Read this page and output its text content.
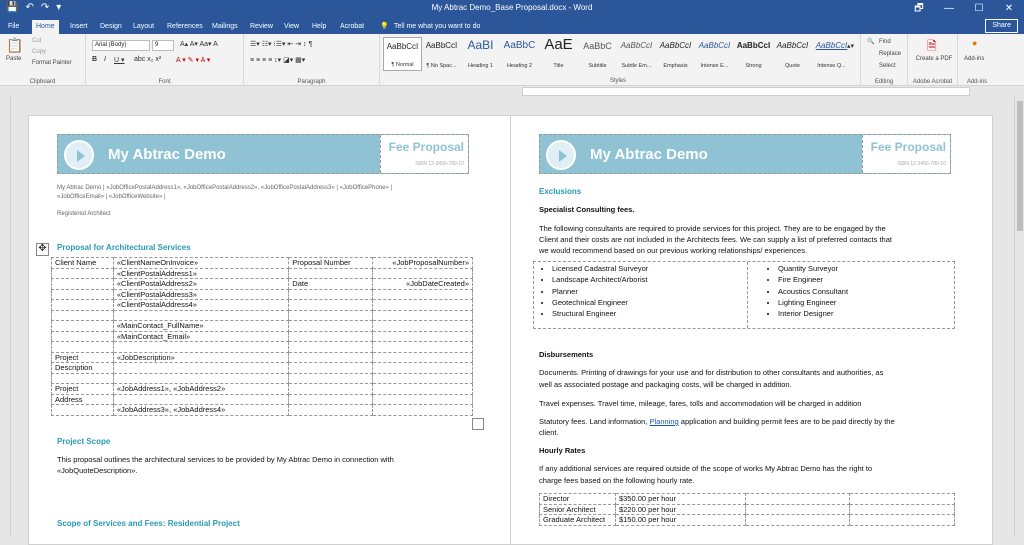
💾 ↶ ↷ ▾	My Abtrac Demo_Base Proposal.docx - Word	🗗	—	☐	✕
File	Home	Insert	Design	Layout	References	Mailings	Review	View	Help	Acrobat	💡 Tell me what you want to do	Share
📋
Paste
Cut
Copy
Format Painter
Clipboard
Arial (Body)	9	A▴ A▾ Aa▾ A
B I U ▾ abc x₂ x² A ▾ ✎ ▾ A ▾
Font
☰▾ ☷▾ ⁝☰▾ ⇤ ⇥ ↕ ¶
≡ ≡ ≡ ≡ ↕▾ ◪▾ ▦▾
Paragraph
AaBbCcI
¶ Normal
AaBbCcI
¶ No Spac...
AaBI
Heading 1
AaBbC
Heading 2
AaE
Title
AaBbC
Subtitle
AaBbCcI
Subtle Em...
AaBbCcI
Emphasis
AaBbCcI
Intense E...
AaBbCcI
Strong
AaBbCcI
Quote
AaBbCcI
Intense Q...
▴▾
Styles
🔍 Find
Replace
Select
Editing
🗎
Create a PDF
Adobe Acrobat
●
Add-ins
Add-ins
My Abtrac Demo	Fee Proposal
ISBN 12-3456-789-10
My Abtrac Demo | «JobOfficePostalAddress1», «JobOfficePostalAddress2», «JobOfficePostalAddress3» | «JobOfficePhone» |
«JobOfficeEmail» | «JobOfficeWebsite» |
Registered Architect
Proposal for Architectural Services
Client Name	«ClientNameOnInvoice»	Proposal Number	«JobProposalNumber»
	«ClientPostalAddress1»		
	«ClientPostalAddress2»	Date	«JobDateCreated»
	«ClientPostalAddress3»		
	«ClientPostalAddress4»		

	«MainContact_FullName»		
	«MainContact_Email»		

Project	«JobDescription»		
Description			

Project	«JobAddress1», «JobAddress2»		
Address			
	«JobAddress3», «JobAddress4»		
Project Scope
This proposal outlines the architectural services to be provided by My Abtrac Demo in connection with
«JobQuoteDescription».
Scope of Services and Fees: Residential Project
✥
My Abtrac Demo	Fee Proposal
ISBN 12-3456-789-10
Exclusions
Specialist Consulting fees.
The following consultants are required to provide services for this project. They are to be engaged by the
Client and their costs are not included in the Architects fees. We can supply a list of preferred contacts that
we would recommend based on our previous working relationships/ experiences.
• Licensed Cadastral Surveyor
• Landscape Architect/Arborist
• Planner
• Geotechnical Engineer
• Structural Engineer
• Quantity Surveyor
• Fire Engineer
• Acoustics Consultant
• Lighting Engineer
• Interior Designer
Disbursements
Documents. Printing of drawings for your use and for distribution to other consultants and authorities, as
well as associated postage and packaging costs, will be charged in addition.
Travel expenses. Travel time, mileage, fares, tolls and accommodation will be charged in addition
Statutory fees. Land information, Planning application and building permit fees are to be paid directly by the
client.
Hourly Rates
If any additional services are required outside of the scope of works My Abtrac Demo has the right to
charge fees based on the following hourly rate.
Director	$350.00 per hour		
Senior Architect	$220.00 per hour		
Graduate Architect	$150.00 per hour		
